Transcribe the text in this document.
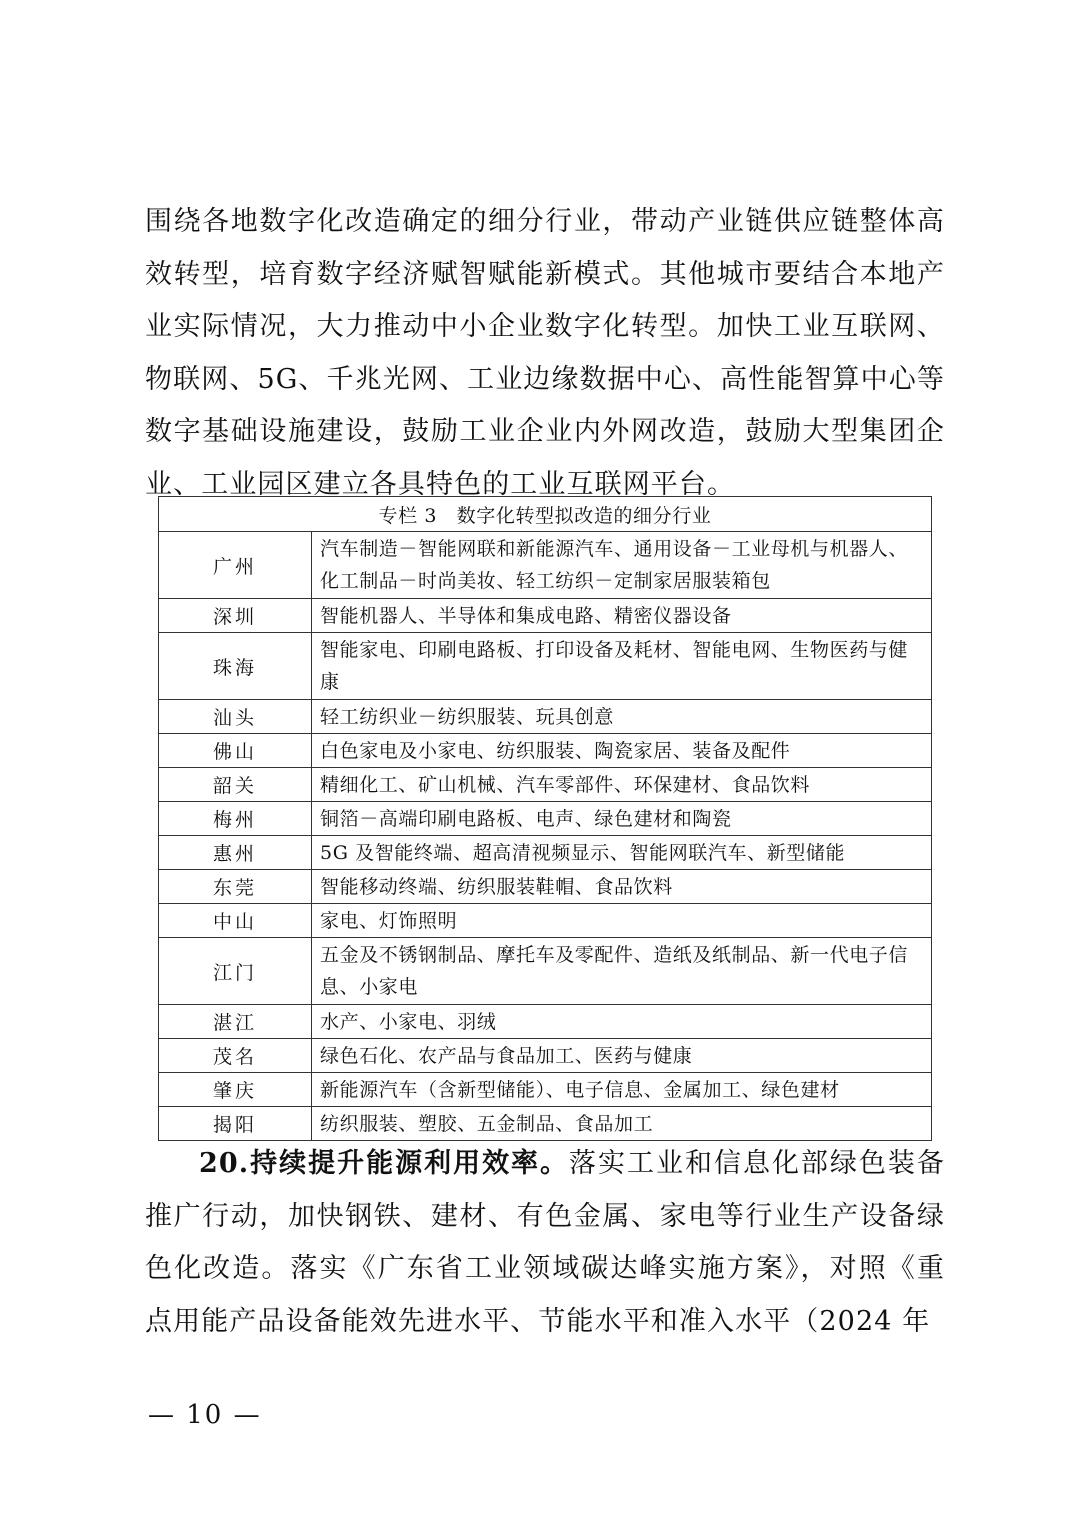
围绕各地数字化改造确定的细分行业，带动产业链供应链整体高效转型，培育数字经济赋智赋能新模式。其他城市要结合本地产业实际情况，大力推动中小企业数字化转型。加快工业互联网、物联网、5G、千兆光网、工业边缘数据中心、高性能智算中心等数字基础设施建设，鼓励工业企业内外网改造，鼓励大型集团企业、工业园区建立各具特色的工业互联网平台。

专栏 3　数字化转型拟改造的细分行业	
广州	汽车制造－智能网联和新能源汽车、通用设备－工业母机与机器人、化工制品－时尚美妆、轻工纺织－定制家居服装箱包
深圳	智能机器人、半导体和集成电路、精密仪器设备
珠海	智能家电、印刷电路板、打印设备及耗材、智能电网、生物医药与健康
汕头	轻工纺织业－纺织服装、玩具创意
佛山	白色家电及小家电、纺织服装、陶瓷家居、装备及配件
韶关	精细化工、矿山机械、汽车零部件、环保建材、食品饮料
梅州	铜箔－高端印刷电路板、电声、绿色建材和陶瓷
惠州	5G 及智能终端、超高清视频显示、智能网联汽车、新型储能
东莞	智能移动终端、纺织服装鞋帽、食品饮料
中山	家电、灯饰照明
江门	五金及不锈钢制品、摩托车及零配件、造纸及纸制品、新一代电子信息、小家电
湛江	水产、小家电、羽绒
茂名	绿色石化、农产品与食品加工、医药与健康
肇庆	新能源汽车（含新型储能）、电子信息、金属加工、绿色建材
揭阳	纺织服装、塑胶、五金制品、食品加工

20.持续提升能源利用效率。落实工业和信息化部绿色装备推广行动，加快钢铁、建材、有色金属、家电等行业生产设备绿色化改造。落实《广东省工业领域碳达峰实施方案》，对照《重点用能产品设备能效先进水平、节能水平和准入水平（2024 年

— 10 —
